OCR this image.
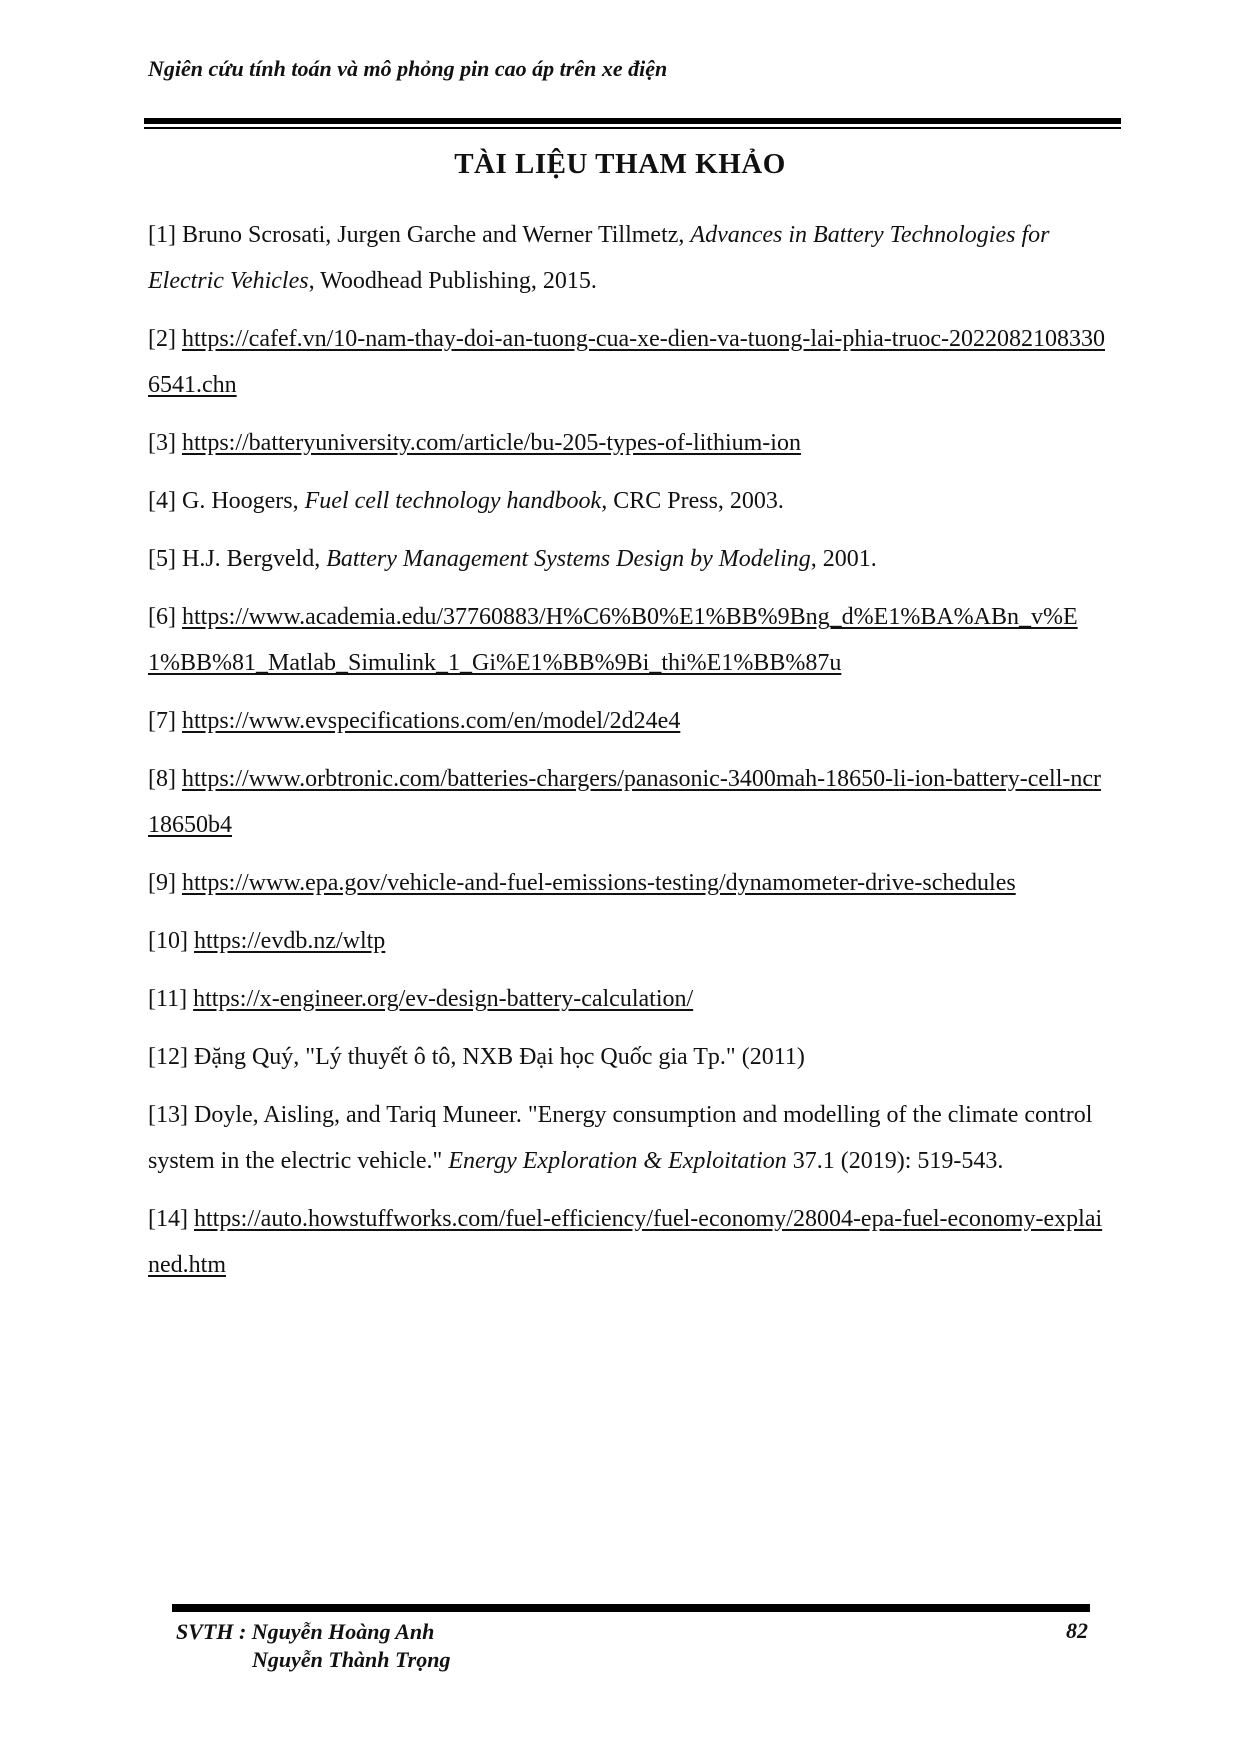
Ngiên cứu tính toán và mô phỏng pin cao áp trên xe điện
TÀI LIỆU THAM KHẢO

[1] Bruno Scrosati, Jurgen Garche and Werner Tillmetz, Advances in Battery Technologies for Electric Vehicles, Woodhead Publishing, 2015.

[2] https://cafef.vn/10-nam-thay-doi-an-tuong-cua-xe-dien-va-tuong-lai-phia-truoc-20220821083306541.chn

[3] https://batteryuniversity.com/article/bu-205-types-of-lithium-ion

[4] G. Hoogers, Fuel cell technology handbook, CRC Press, 2003.

[5] H.J. Bergveld, Battery Management Systems Design by Modeling, 2001.

[6] https://www.academia.edu/37760883/H%C6%B0%E1%BB%9Bng_d%E1%BA%ABn_v%E1%BB%81_Matlab_Simulink_1_Gi%E1%BB%9Bi_thi%E1%BB%87u

[7] https://www.evspecifications.com/en/model/2d24e4

[8] https://www.orbtronic.com/batteries-chargers/panasonic-3400mah-18650-li-ion-battery-cell-ncr18650b4

[9] https://www.epa.gov/vehicle-and-fuel-emissions-testing/dynamometer-drive-schedules

[10] https://evdb.nz/wltp

[11] https://x-engineer.org/ev-design-battery-calculation/

[12] Đặng Quý, "Lý thuyết ô tô, NXB Đại học Quốc gia Tp." (2011)

[13] Doyle, Aisling, and Tariq Muneer. "Energy consumption and modelling of the climate control system in the electric vehicle." Energy Exploration & Exploitation 37.1 (2019): 519-543.

[14] https://auto.howstuffworks.com/fuel-efficiency/fuel-economy/28004-epa-fuel-economy-explained.htm

SVTH : Nguyễn Hoàng Anh
Nguyễn Thành Trọng
82
